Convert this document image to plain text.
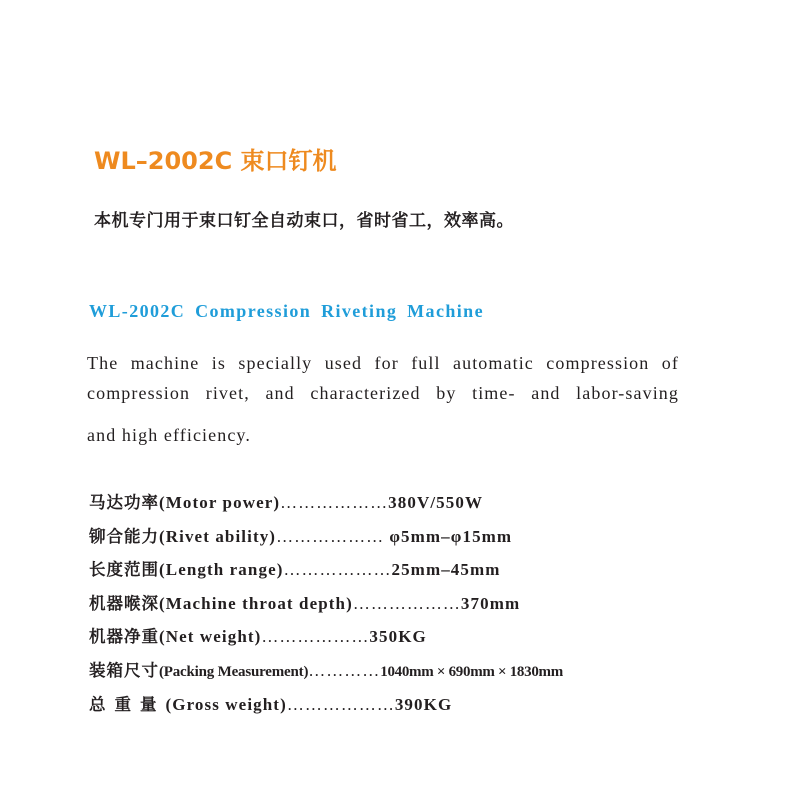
WL–2002C 束口钉机
本机专门用于束口钉全自动束口，省时省工，效率高。
WL-2002C Compression Riveting Machine
The machine is specially used for full automatic compression of
compression rivet, and characterized by time- and labor-saving
and high efficiency.
马达功率(Motor power)………………380V/550W
铆合能力(Rivet ability)……………… φ5mm–φ15mm
长度范围(Length range)………………25mm–45mm
机器喉深(Machine throat depth)………………370mm
机器净重(Net weight)………………350KG
装箱尺寸(Packing Measurement)…………1040mm × 690mm × 1830mm
总重量(Gross weight)………………390KG
